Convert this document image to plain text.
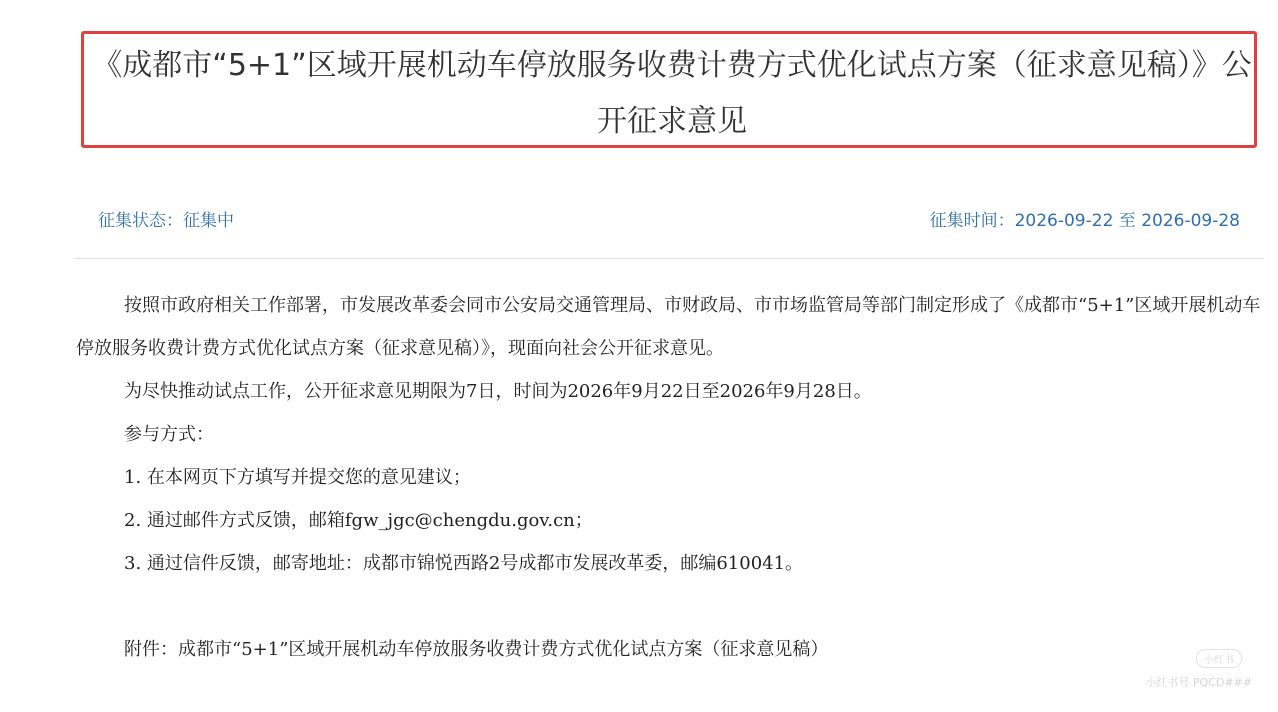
《成都市“5+1”区域开展机动车停放服务收费计费方式优化试点方案（征求意见稿）》公开征求意见
征集状态：征集中	征集时间：2026-09-22 至 2026-09-28

按照市政府相关工作部署，市发展改革委会同市公安局交通管理局、市财政局、市市场监管局等部门制定形成了《成都市“5+1”区域开展机动车停放服务收费计费方式优化试点方案（征求意见稿）》，现面向社会公开征求意见。

为尽快推动试点工作，公开征求意见期限为7日，时间为2026年9月22日至2026年9月28日。

参与方式：

1. 在本网页下方填写并提交您的意见建议；

2. 通过邮件方式反馈，邮箱fgw_jgc@chengdu.gov.cn；

3. 通过信件反馈，邮寄地址：成都市锦悦西路2号成都市发展改革委，邮编610041。

附件：成都市“5+1”区域开展机动车停放服务收费计费方式优化试点方案（征求意见稿）

小红书
小红书号 PQCD###
